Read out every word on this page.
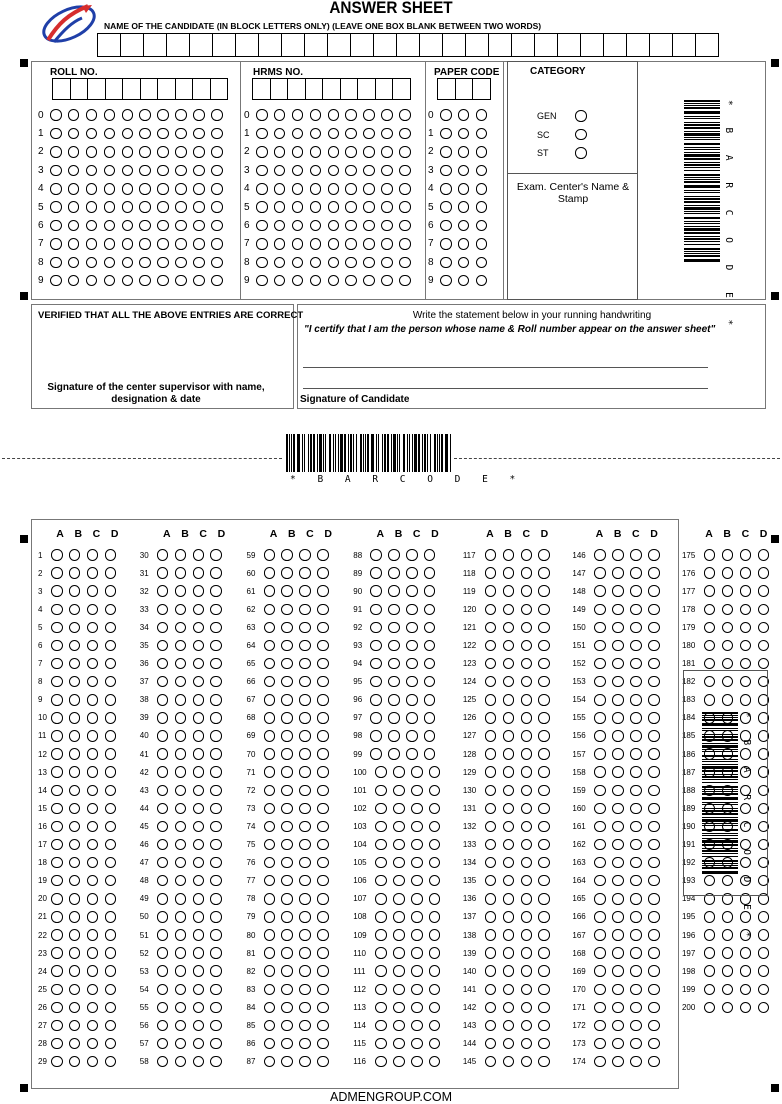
ANSWER SHEET
NAME OF THE CANDIDATE (IN BLOCK LETTERS ONLY) (LEAVE ONE BOX BLANK BETWEEN TWO WORDS)
ROLL NO.
0
1
2
3
4
5
6
7
8
9
HRMS NO.
0
1
2
3
4
5
6
7
8
9
PAPER CODE
0
1
2
3
4
5
6
7
8
9
CATEGORY
GEN
SC
ST
Exam. Center's Name & Stamp	* B A R C O D E *
VERIFIED THAT ALL THE ABOVE ENTRIES ARE CORRECT
Signature of the center supervisor with name, designation & date
Write the statement below in your running handwriting
"I certify that I am the person whose name & Roll number appear on the answer sheet"
Signature of Candidate
* B A R C O D E *
A	B	C	D
1
2
3
4
5
6
7
8
9
10
11
12
13
14
15
16
17
18
19
20
21
22
23
24
25
26
27
28
29
A	B	C	D
30
31
32
33
34
35
36
37
38
39
40
41
42
43
44
45
46
47
48
49
50
51
52
53
54
55
56
57
58
A	B	C	D
59
60
61
62
63
64
65
66
67
68
69
70
71
72
73
74
75
76
77
78
79
80
81
82
83
84
85
86
87
A	B	C	D
88
89
90
91
92
93
94
95
96
97
98
99
100
101
102
103
104
105
106
107
108
109
110
111
112
113
114
115
116
A	B	C	D
117
118
119
120
121
122
123
124
125
126
127
128
129
130
131
132
133
134
135
136
137
138
139
140
141
142
143
144
145
A	B	C	D
146
147
148
149
150
151
152
153
154
155
156
157
158
159
160
161
162
163
164
165
166
167
168
169
170
171
172
173
174
A	B	C	D
175
176
177
178
179
180
181
182
183
184
185
186
187
188
189
190
191
192
193
194
195
196
197
198
199
200
* B A R C O D E *
ADMENGROUP.COM
